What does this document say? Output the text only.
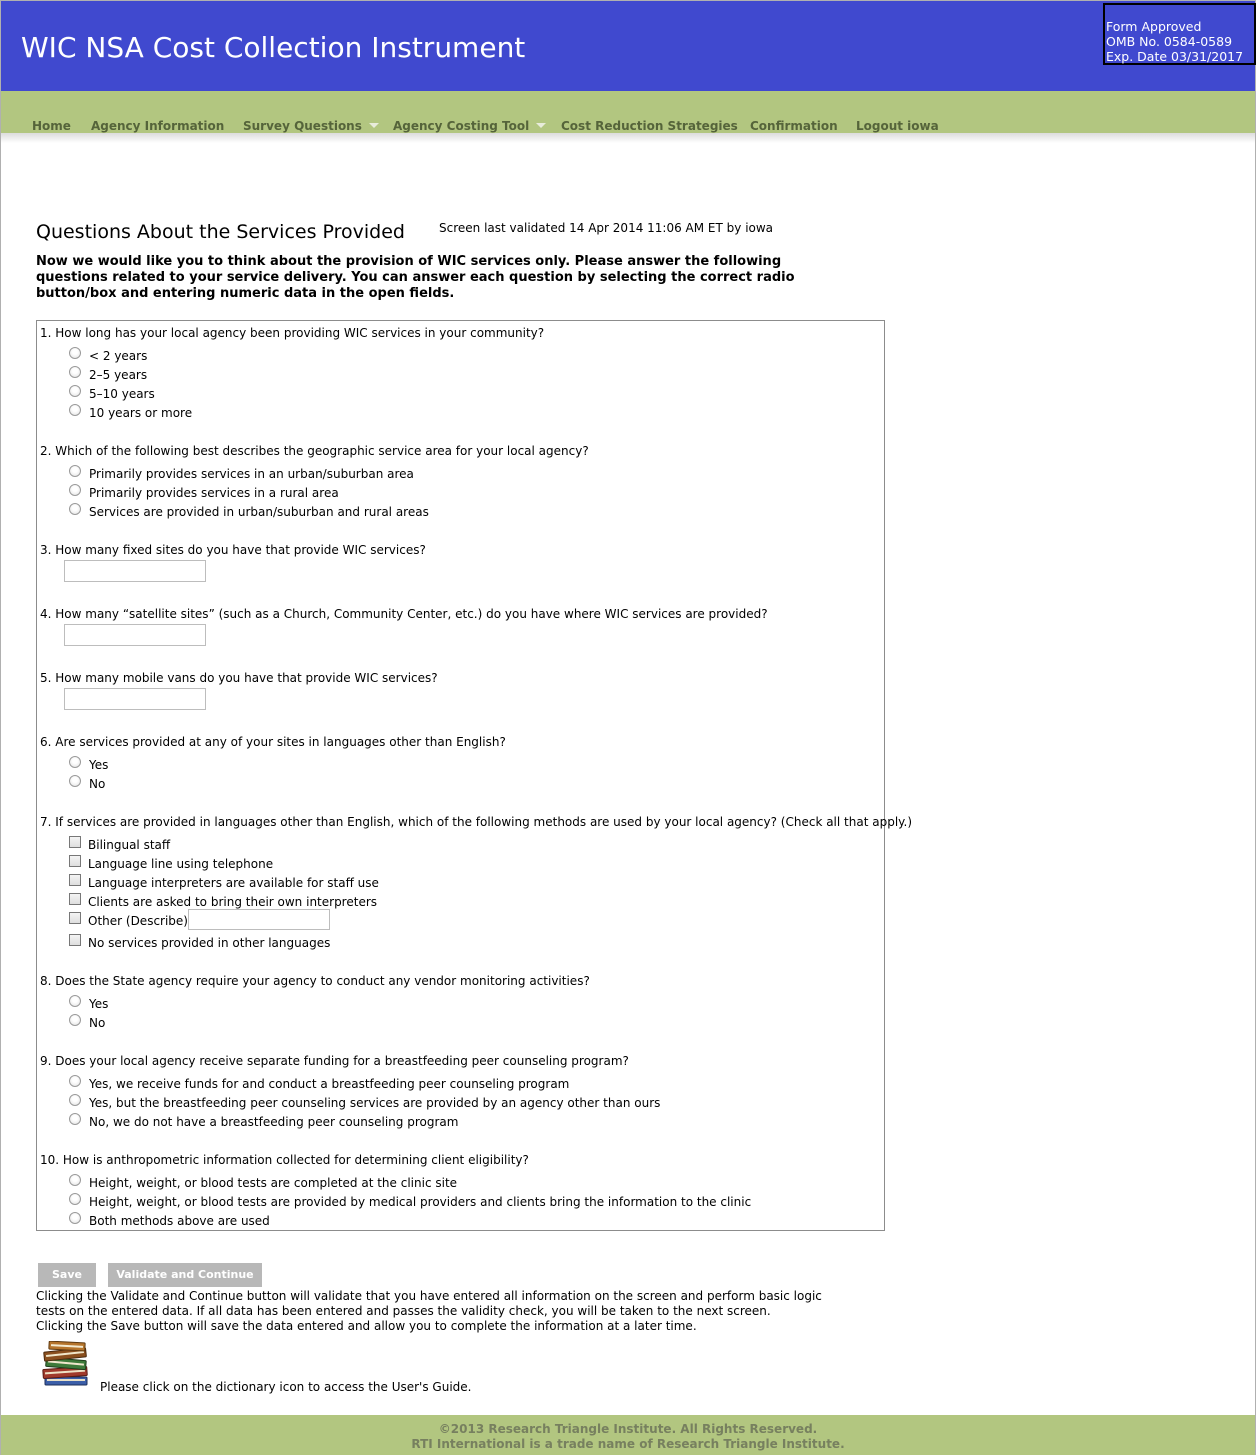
WIC NSA Cost Collection Instrument
Form Approved
OMB No. 0584-0589
Exp. Date 03/31/2017
Home Agency Information Survey Questions	Agency Costing Tool	Cost Reduction Strategies Confirmation Logout iowa
Questions About the Services Provided	Screen last validated 14 Apr 2014 11:06 AM ET by iowa

Now we would like you to think about the provision of WIC services only. Please answer the following questions related to your service delivery. You can answer each question by selecting the correct radio button/box and entering numeric data in the open fields.

1. How long has your local agency been providing WIC services in your community?
< 2 years
2–5 years
5–10 years
10 years or more
2. Which of the following best describes the geographic service area for your local agency?
Primarily provides services in an urban/suburban area
Primarily provides services in a rural area
Services are provided in urban/suburban and rural areas
3. How many fixed sites do you have that provide WIC services?
4. How many “satellite sites” (such as a Church, Community Center, etc.) do you have where WIC services are provided?
5. How many mobile vans do you have that provide WIC services?
6. Are services provided at any of your sites in languages other than English?
Yes
No
7. If services are provided in languages other than English, which of the following methods are used by your local agency? (Check all that apply.)
Bilingual staff
Language line using telephone
Language interpreters are available for staff use
Clients are asked to bring their own interpreters
Other (Describe)
No services provided in other languages
8. Does the State agency require your agency to conduct any vendor monitoring activities?
Yes
No
9. Does your local agency receive separate funding for a breastfeeding peer counseling program?
Yes, we receive funds for and conduct a breastfeeding peer counseling program
Yes, but the breastfeeding peer counseling services are provided by an agency other than ours
No, we do not have a breastfeeding peer counseling program
10. How is anthropometric information collected for determining client eligibility?
Height, weight, or blood tests are completed at the clinic site
Height, weight, or blood tests are provided by medical providers and clients bring the information to the clinic
Both methods above are used
Save	Validate and Continue
Clicking the Validate and Continue button will validate that you have entered all information on the screen and perform basic logic tests on the entered data. If all data has been entered and passes the validity check, you will be taken to the next screen.
Clicking the Save button will save the data entered and allow you to complete the information at a later time.
Please click on the dictionary icon to access the User's Guide.
©2013 Research Triangle Institute. All Rights Reserved.
RTI International is a trade name of Research Triangle Institute.
